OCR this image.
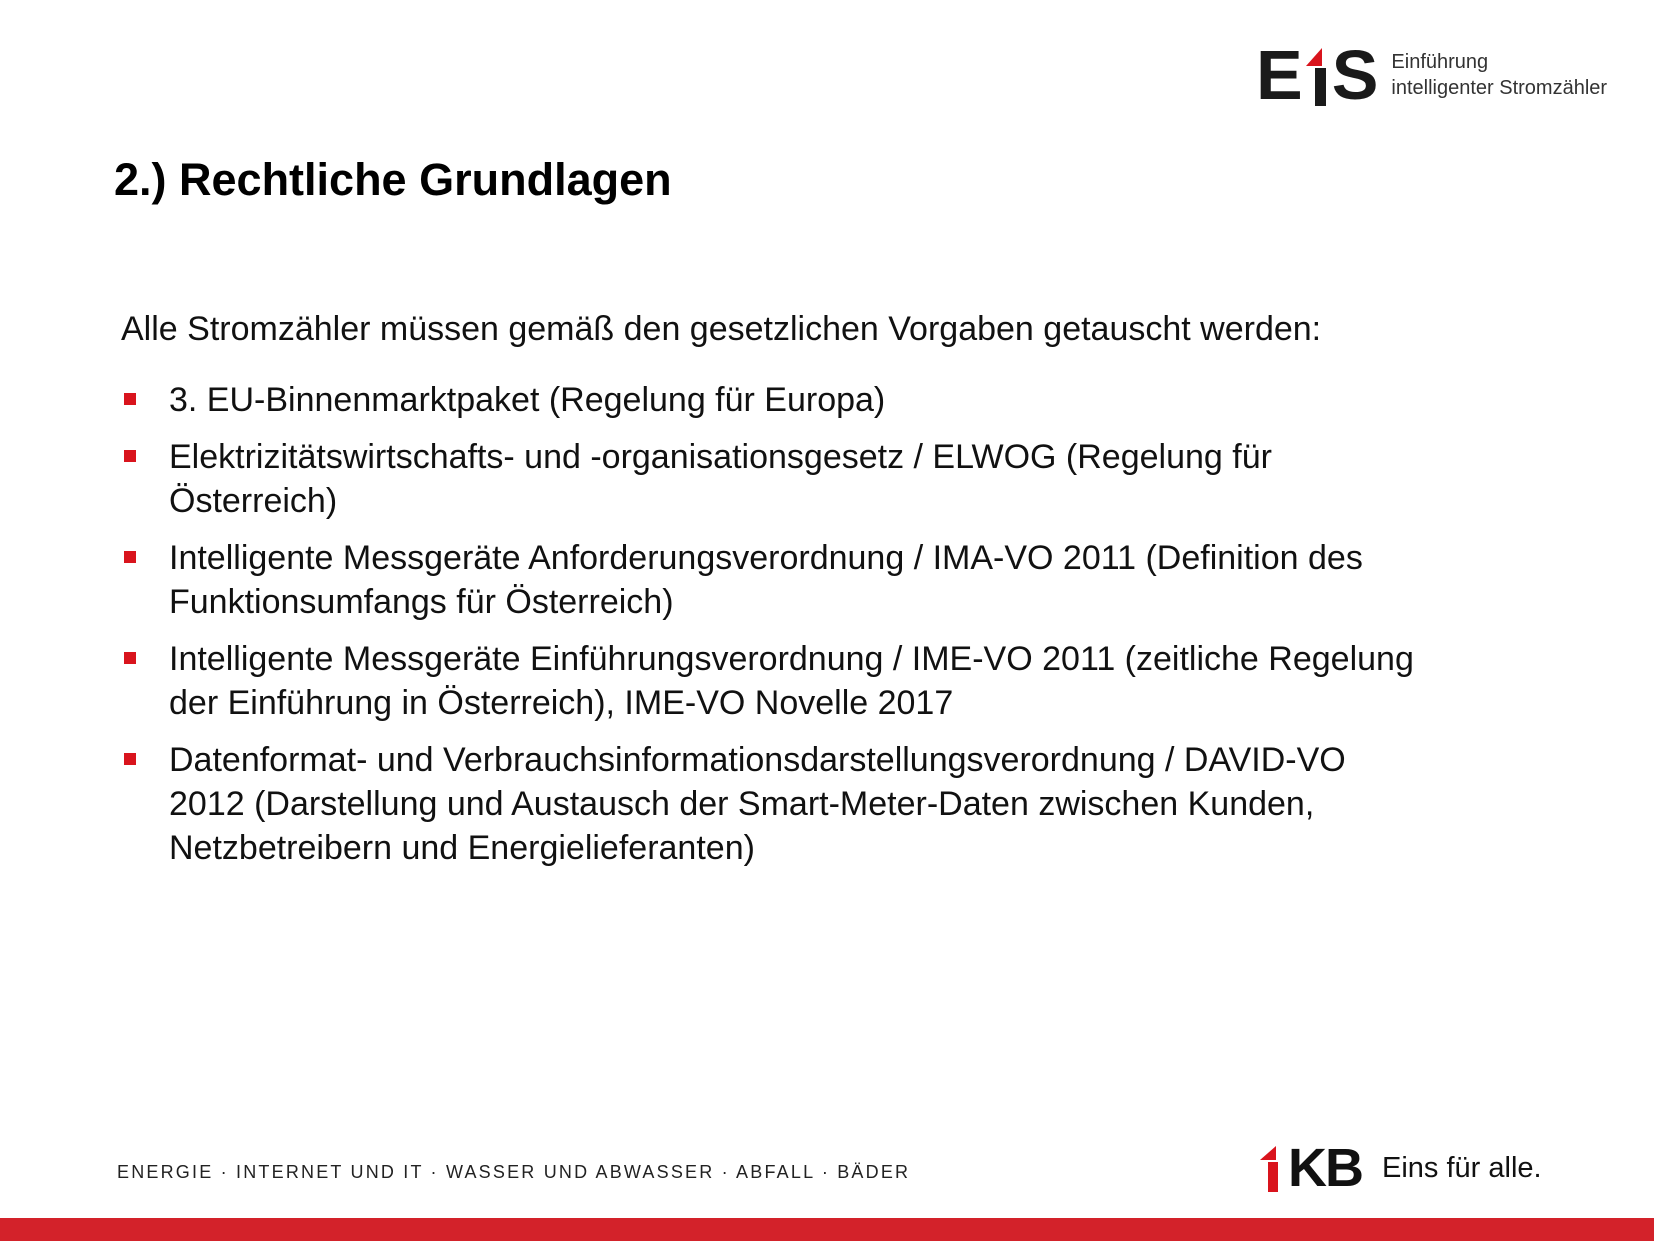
E S Einführung
intelligenter Stromzähler
2.) Rechtliche Grundlagen

Alle Stromzähler müssen gemäß den gesetzlichen Vorgaben getauscht werden:

3. EU-Binnenmarktpaket (Regelung für Europa)
Elektrizitätswirtschafts- und -organisationsgesetz / ELWOG (Regelung für
Österreich)
Intelligente Messgeräte Anforderungsverordnung / IMA-VO 2011 (Definition des
Funktionsumfangs für Österreich)
Intelligente Messgeräte Einführungsverordnung / IME-VO 2011 (zeitliche Regelung
der Einführung in Österreich), IME-VO Novelle 2017
Datenformat- und Verbrauchsinformationsdarstellungsverordnung / DAVID-VO
2012 (Darstellung und Austausch der Smart-Meter-Daten zwischen Kunden,
Netzbetreibern und Energielieferanten)
ENERGIE · INTERNET UND IT · WASSER UND ABWASSER · ABFALL · BÄDER	KB Eins für alle.
